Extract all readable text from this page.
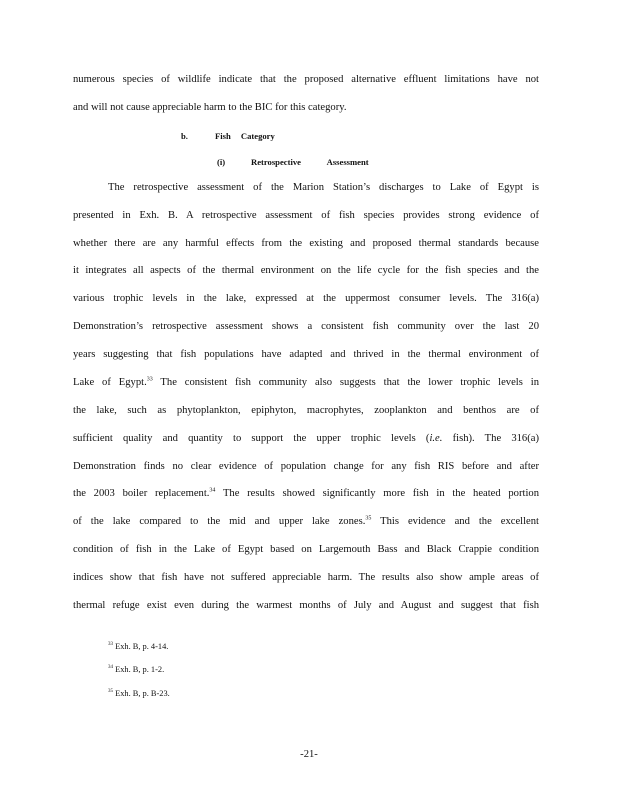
numerous species of wildlife indicate that the proposed alternative effluent limitations have not
and will not cause appreciable harm to the BIC for this category.
b.	Fish Category
(i)	Retrospective Assessment
The retrospective assessment of the Marion Station’s discharges to Lake of Egypt is
presented in Exh. B. A retrospective assessment of fish species provides strong evidence of
whether there are any harmful effects from the existing and proposed thermal standards because
it integrates all aspects of the thermal environment on the life cycle for the fish species and the
various trophic levels in the lake, expressed at the uppermost consumer levels. The 316(a)
Demonstration’s retrospective assessment shows a consistent fish community over the last 20
years suggesting that fish populations have adapted and thrived in the thermal environment of
Lake of Egypt.$^{33}$ The consistent fish community also suggests that the lower trophic levels in
the lake, such as phytoplankton, epiphyton, macrophytes, zooplankton and benthos are of
sufficient quality and quantity to support the upper trophic levels (i.e. fish). The 316(a)
Demonstration finds no clear evidence of population change for any fish RIS before and after
the 2003 boiler replacement.$^{34}$ The results showed significantly more fish in the heated portion
of the lake compared to the mid and upper lake zones.$^{35}$ This evidence and the excellent
condition of fish in the Lake of Egypt based on Largemouth Bass and Black Crappie condition
indices show that fish have not suffered appreciable harm. The results also show ample areas of
thermal refuge exist even during the warmest months of July and August and suggest that fish
$^{33}$ Exh. B, p. 4-14.
$^{34}$ Exh. B, p. 1-2.
$^{35}$ Exh. B, p. B-23.
-21-
